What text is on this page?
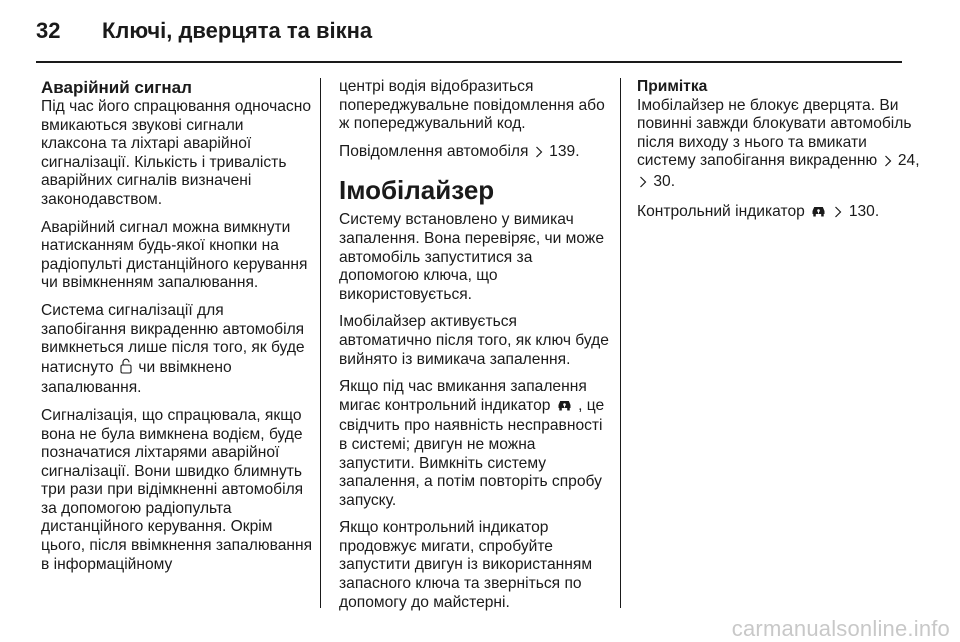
32	Ключі, дверцята та вікна
Аварійний сигнал

Під час його спрацювання одночасно вмикаються звукові сигнали клаксона та ліхтарі аварійної сигналізації. Кількість і тривалість аварійних сигналів визначені законодавством.

Аварійний сигнал можна вимкнути натисканням будь-якої кнопки на радіопульті дистанційного керування чи ввімкненням запалювання.

Система сигналізації для запобігання викраденню автомобіля вимкнеться лише після того, як буде натиснуто чи ввімкнено запалювання.

Сигналізація, що спрацювала, якщо вона не була вимкнена водієм, буде позначатися ліхтарями аварійної сигналізації. Вони швидко блимнуть три рази при відімкненні автомобіля за допомогою радіопульта дистанційного керування. Окрім цього, після ввімкнення запалювання в інформаційному

центрі водія відобразиться попереджувальне повідомлення або ж попереджувальний код.

Повідомлення автомобіля 139.

Імобілайзер

Систему встановлено у вимикач запалення. Вона перевіряє, чи може автомобіль запуститися за допомогою ключа, що використовується.

Імобілайзер активується автоматично після того, як ключ буде вийнято із вимикача запалення.

Якщо під час вмикання запалення мигає контрольний індикатор , це свідчить про наявність несправності в системі; двигун не можна запустити. Вимкніть систему запалення, а потім повторіть спробу запуску.

Якщо контрольний індикатор продовжує мигати, спробуйте запустити двигун із використанням запасного ключа та зверніться по допомогу до майстерні.

Примітка

Імобілайзер не блокує дверцята. Ви повинні завжди блокувати автомобіль після виходу з нього та вмикати систему запобігання викраденню 24,  30.

Контрольний індикатор	130.

carmanualsonline.info
